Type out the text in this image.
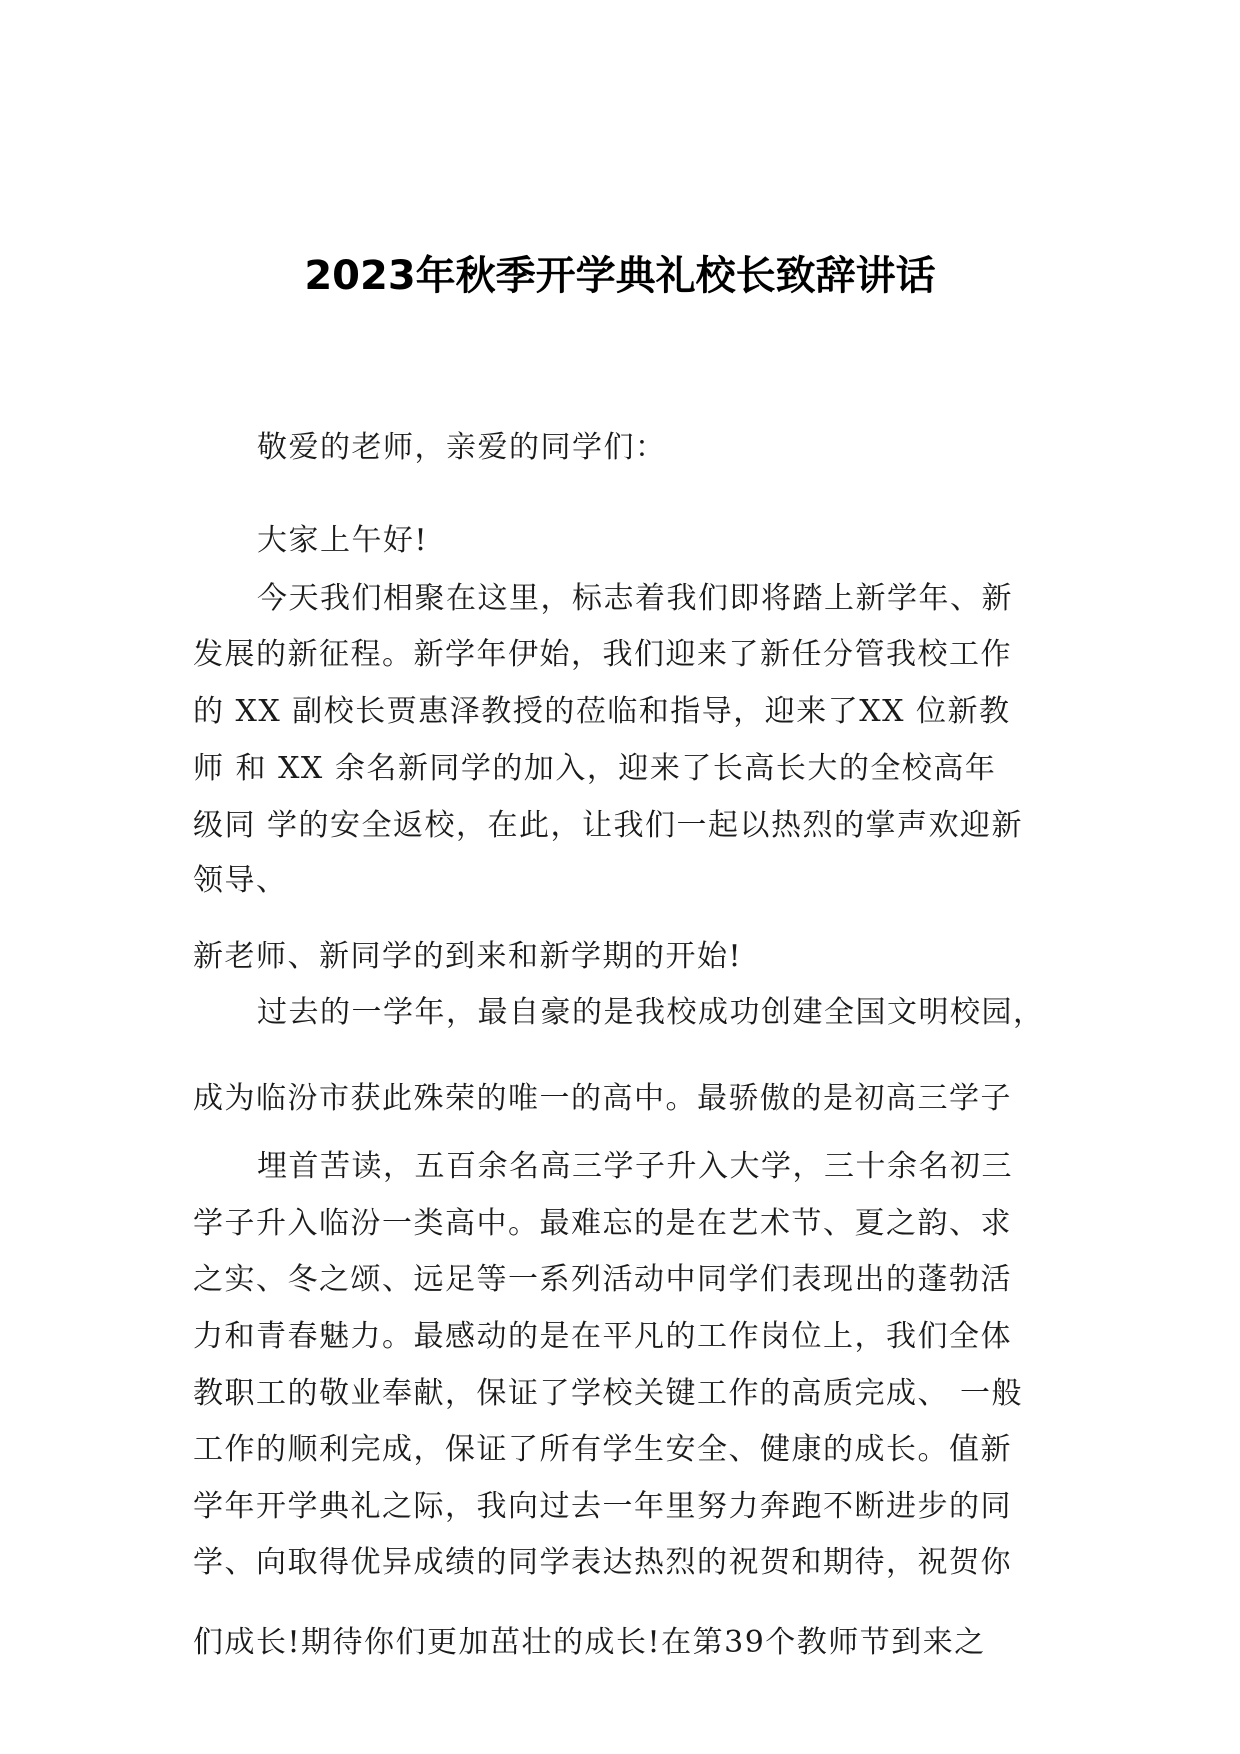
2023年秋季开学典礼校长致辞讲话
敬爱的老师，亲爱的同学们：
大家上午好!
今天我们相聚在这里，标志着我们即将踏上新学年、新
发展的新征程。新学年伊始，我们迎来了新任分管我校工作
的 XX 副校长贾惠泽教授的莅临和指导，迎来了XX 位新教
师 和 XX 余名新同学的加入，迎来了长高长大的全校高年
级同 学的安全返校，在此，让我们一起以热烈的掌声欢迎新
领导、
新老师、新同学的到来和新学期的开始!
过去的一学年，最自豪的是我校成功创建全国文明校园，
成为临汾市获此殊荣的唯一的高中。最骄傲的是初高三学子
埋首苦读，五百余名高三学子升入大学，三十余名初三
学子升入临汾一类高中。最难忘的是在艺术节、夏之韵、求
之实、冬之颂、远足等一系列活动中同学们表现出的蓬勃活
力和青春魅力。最感动的是在平凡的工作岗位上，我们全体
教职工的敬业奉献，保证了学校关键工作的高质完成、 一般
工作的顺利完成，保证了所有学生安全、健康的成长。值新
学年开学典礼之际，我向过去一年里努力奔跑不断进步的同
学、向取得优异成绩的同学表达热烈的祝贺和期待，祝贺你
们成长!期待你们更加茁壮的成长!在第39个教师节到来之
